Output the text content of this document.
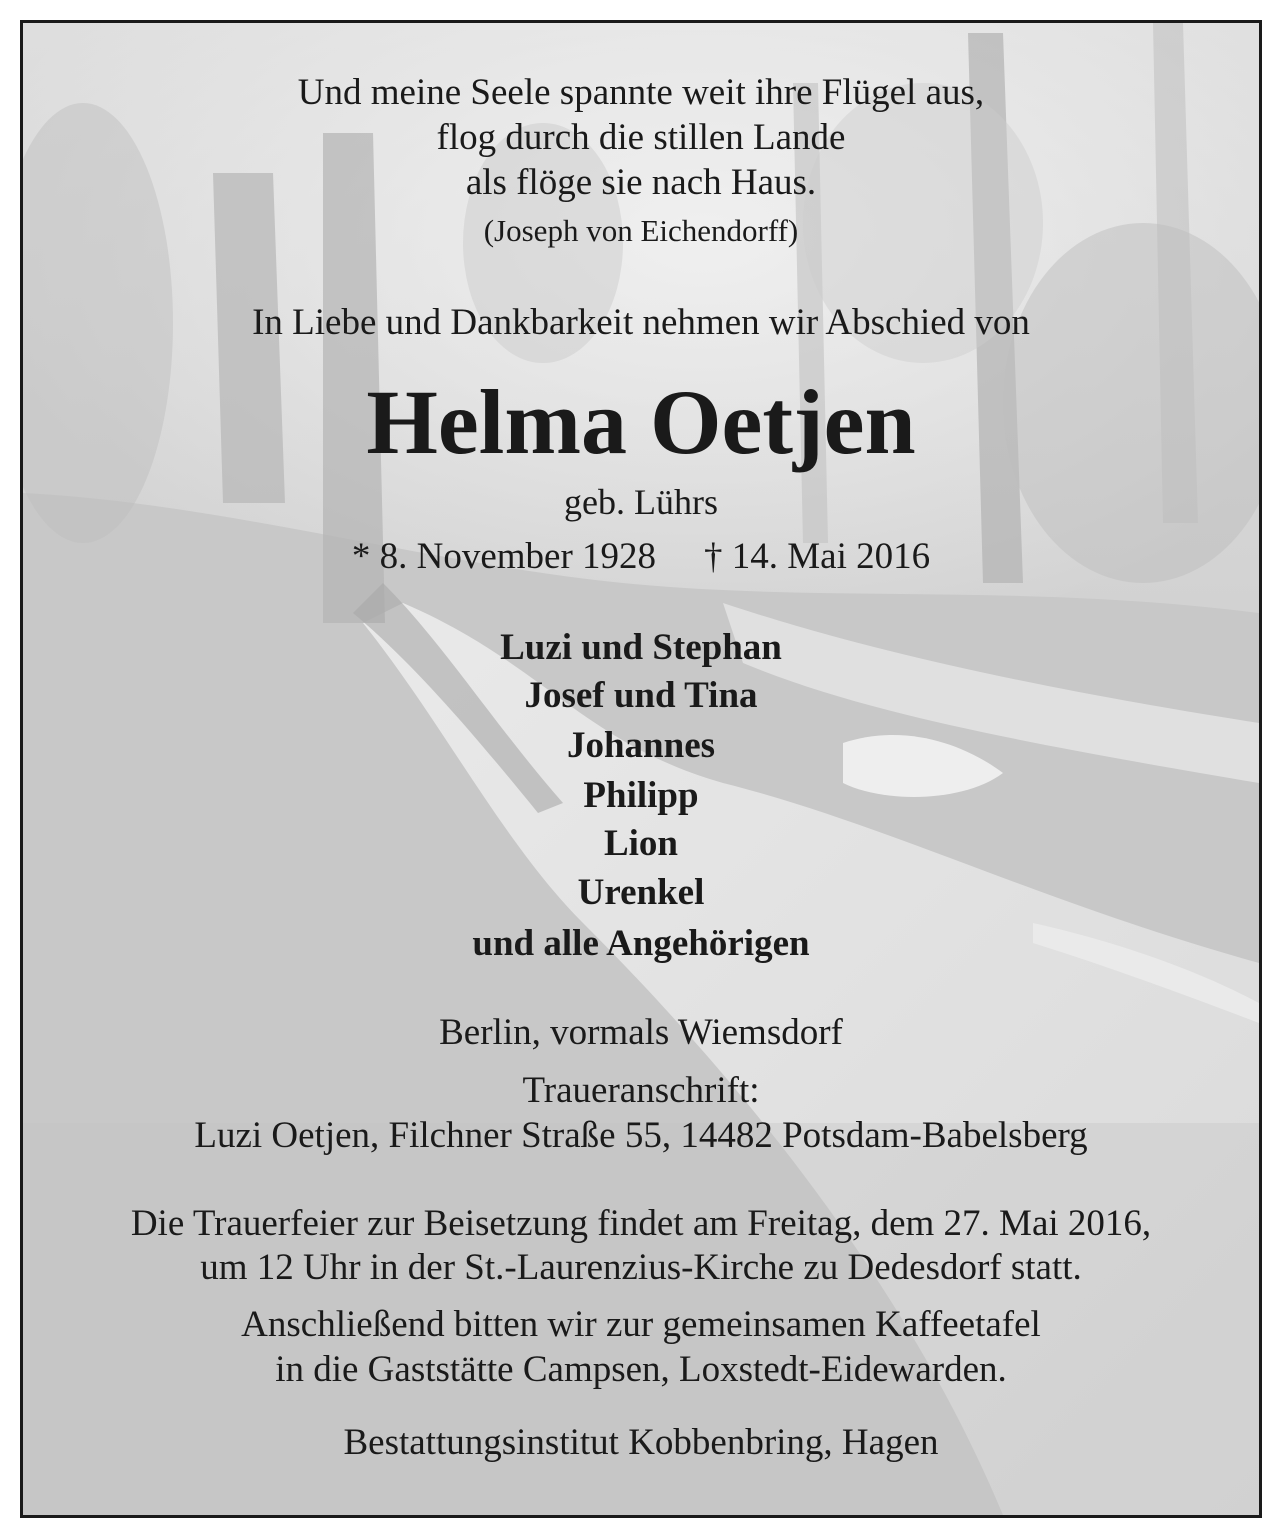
Und meine Seele spannte weit ihre Flügel aus,
flog durch die stillen Lande
als flöge sie nach Haus.
(Joseph von Eichendorff)
In Liebe und Dankbarkeit nehmen wir Abschied von
Helma Oetjen
geb. Lührs
* 8. November 1928 † 14. Mai 2016
Luzi und Stephan
Josef und Tina
Johannes
Philipp
Lion
Urenkel
und alle Angehörigen
Berlin, vormals Wiemsdorf
Traueranschrift:
Luzi Oetjen, Filchner Straße 55, 14482 Potsdam-Babelsberg
Die Trauerfeier zur Beisetzung findet am Freitag, dem 27. Mai 2016,
um 12 Uhr in der St.-Laurenzius-Kirche zu Dedesdorf statt.
Anschließend bitten wir zur gemeinsamen Kaffeetafel
in die Gaststätte Campsen, Loxstedt-Eidewarden.
Bestattungsinstitut Kobbenbring, Hagen
